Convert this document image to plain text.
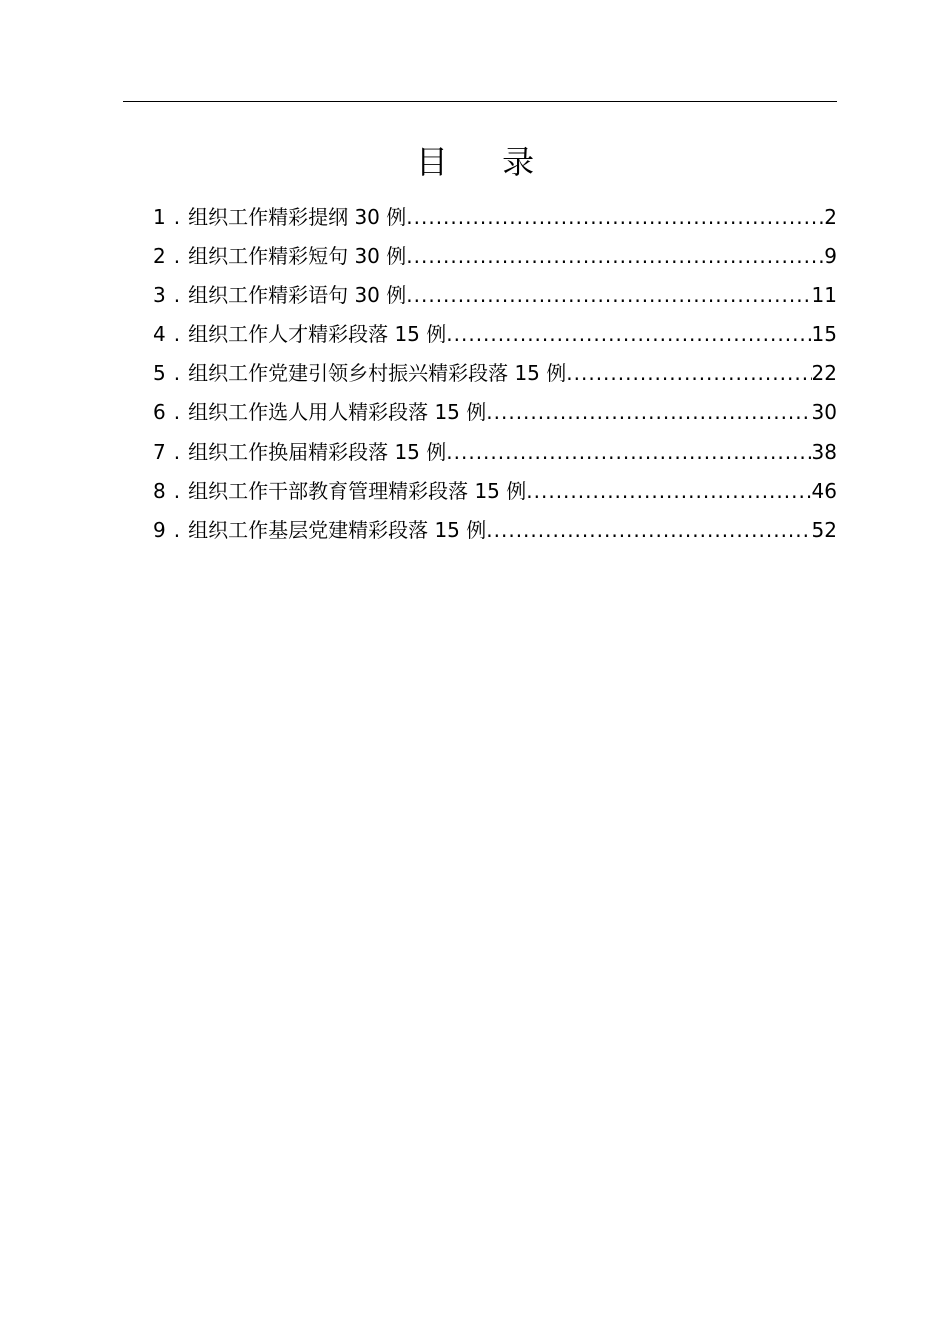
目 录
1 . 组织工作精彩提纲 30 例 .....	2
2 . 组织工作精彩短句 30 例 .....	9
3 . 组织工作精彩语句 30 例 .....	11
4 . 组织工作人才精彩段落 15 例 .....	15
5 . 组织工作党建引领乡村振兴精彩段落 15 例 .....	22
6 . 组织工作选人用人精彩段落 15 例 .....	30
7 . 组织工作换届精彩段落 15 例 .....	38
8 . 组织工作干部教育管理精彩段落 15 例 .....	46
9 . 组织工作基层党建精彩段落 15 例 .....	52
